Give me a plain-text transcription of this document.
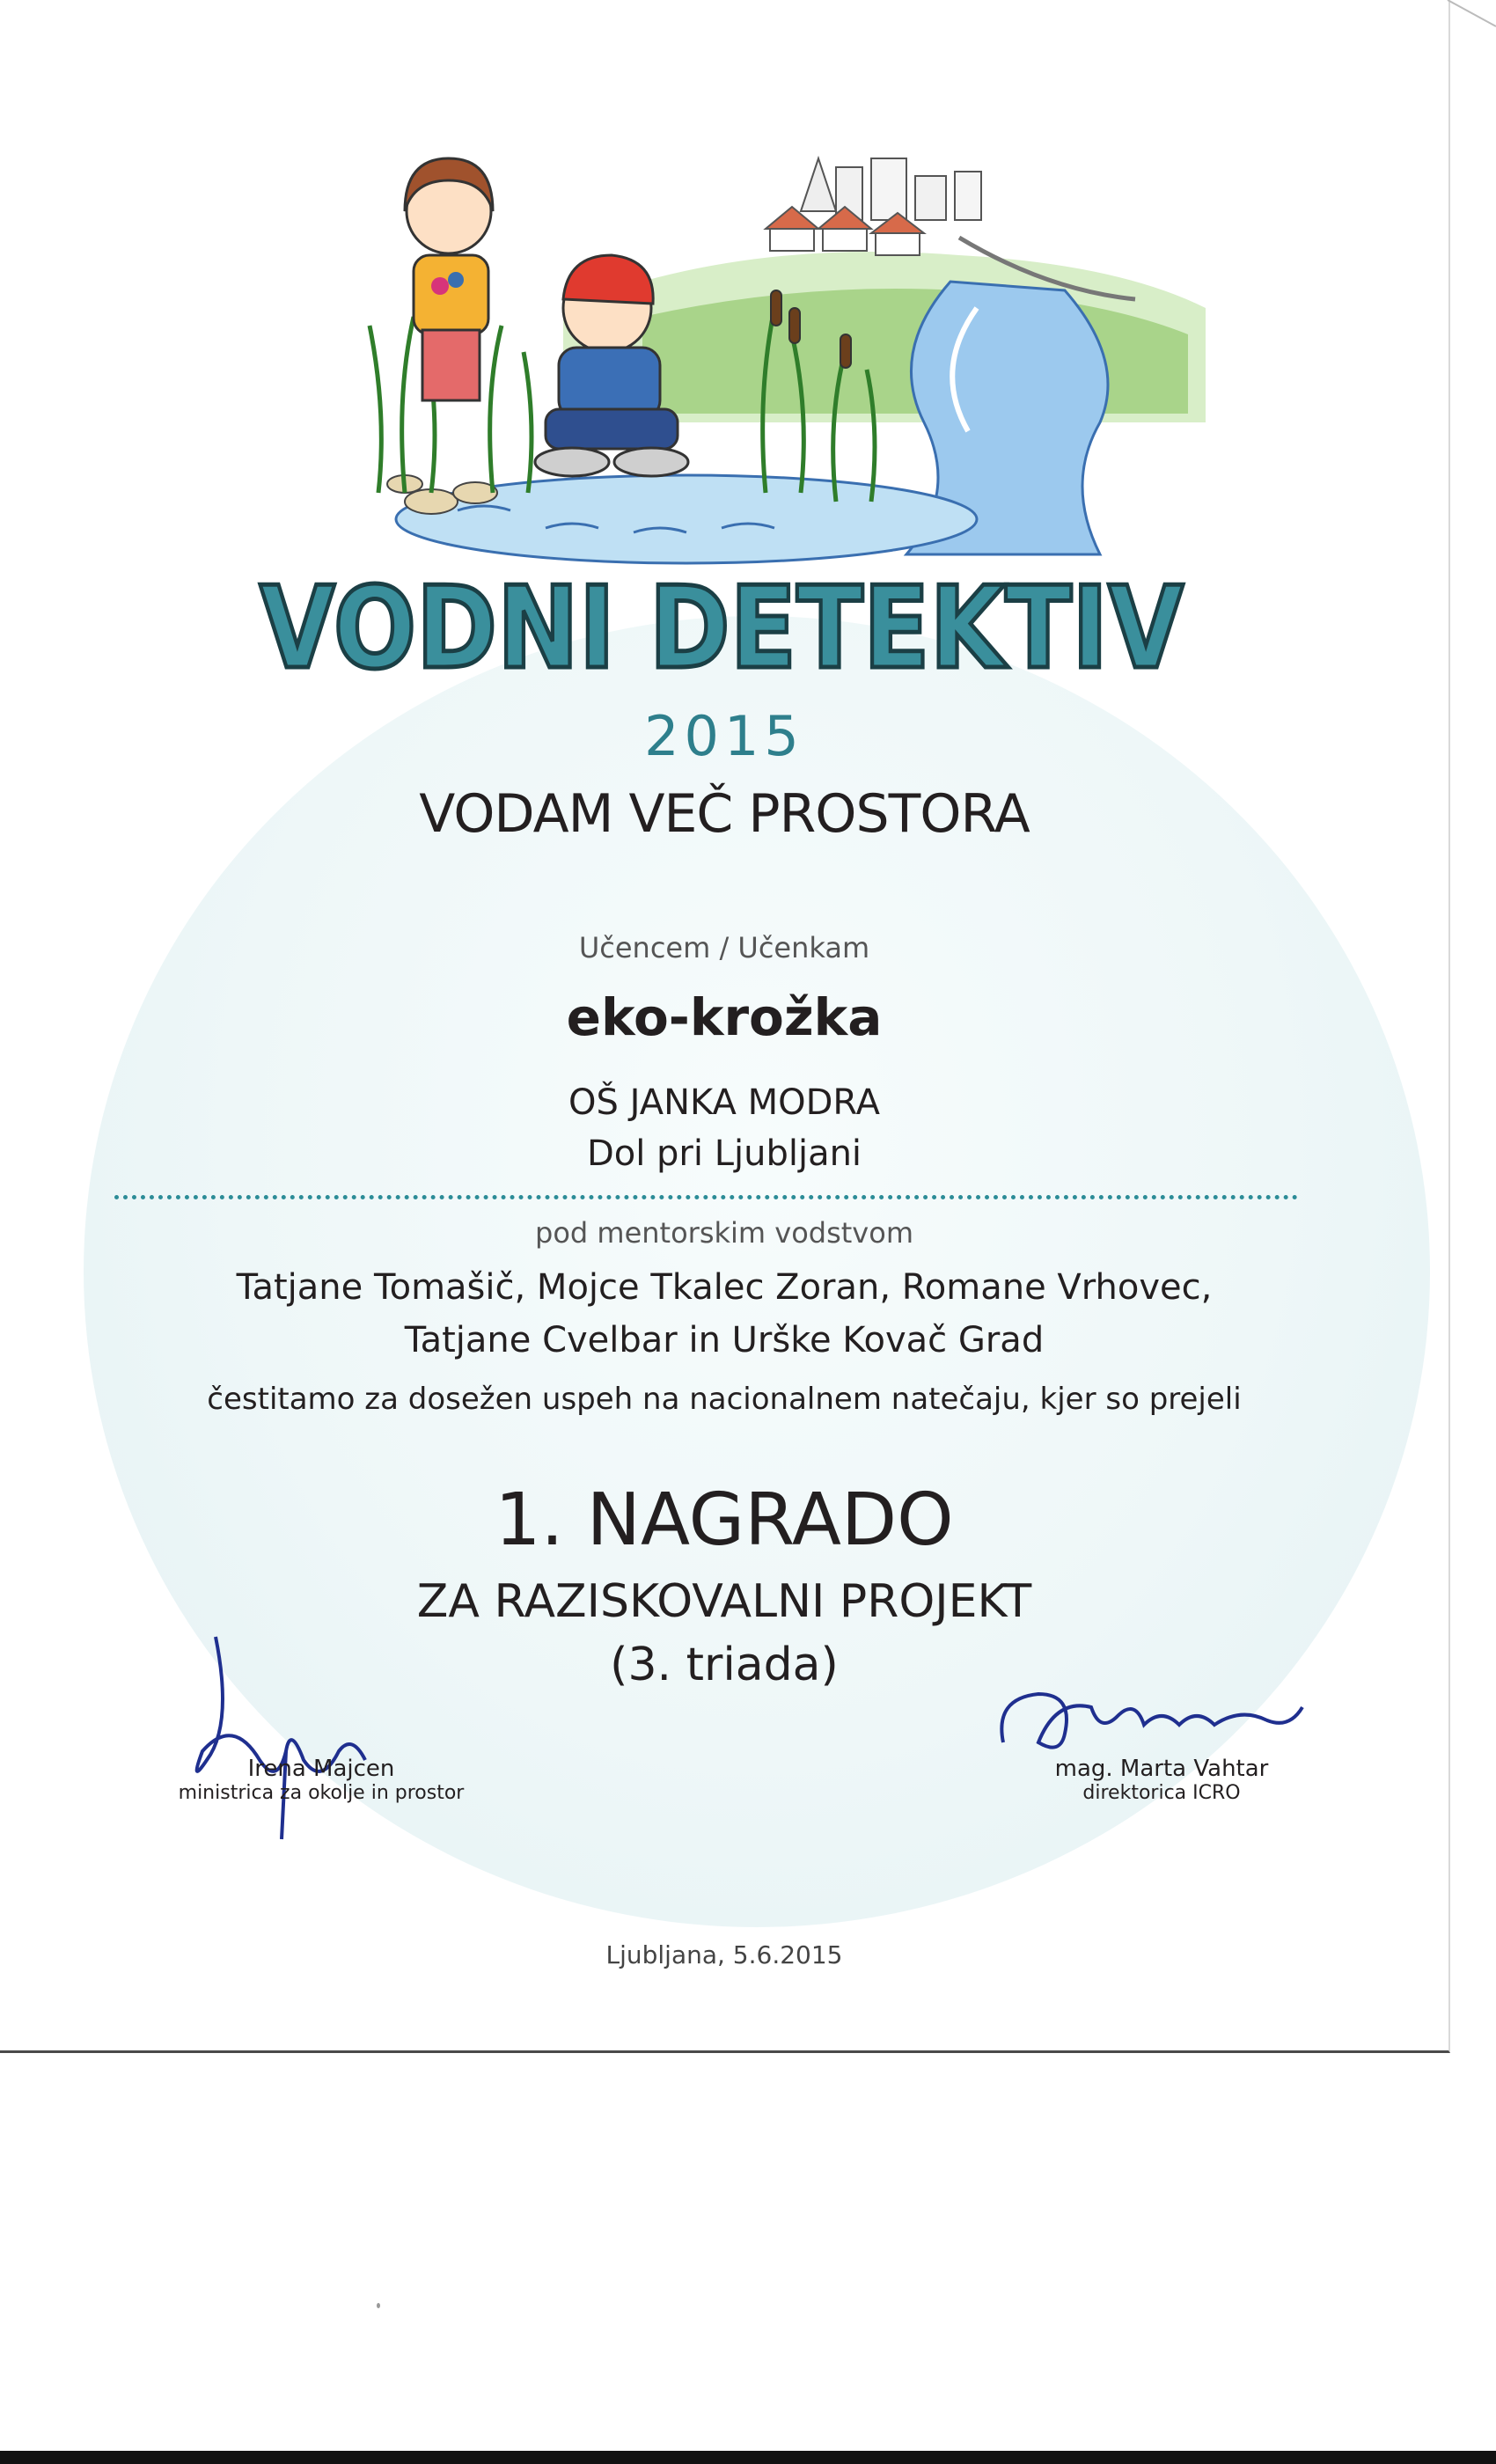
VODNI DETEKTIV
2015
VODAM VEČ PROSTORA
Učencem / Učenkam
eko-krožka
OŠ JANKA MODRA
Dol pri Ljubljani
pod mentorskim vodstvom
Tatjane Tomašič, Mojce Tkalec Zoran, Romane Vrhovec,
Tatjane Cvelbar in Urške Kovač Grad
čestitamo za dosežen uspeh na nacionalnem natečaju, kjer so prejeli
1. NAGRADO
ZA RAZISKOVALNI PROJEKT
(3. triada)
Irena Majcen
ministrica za okolje in prostor
mag. Marta Vahtar
direktorica ICRO
Ljubljana, 5.6.2015
